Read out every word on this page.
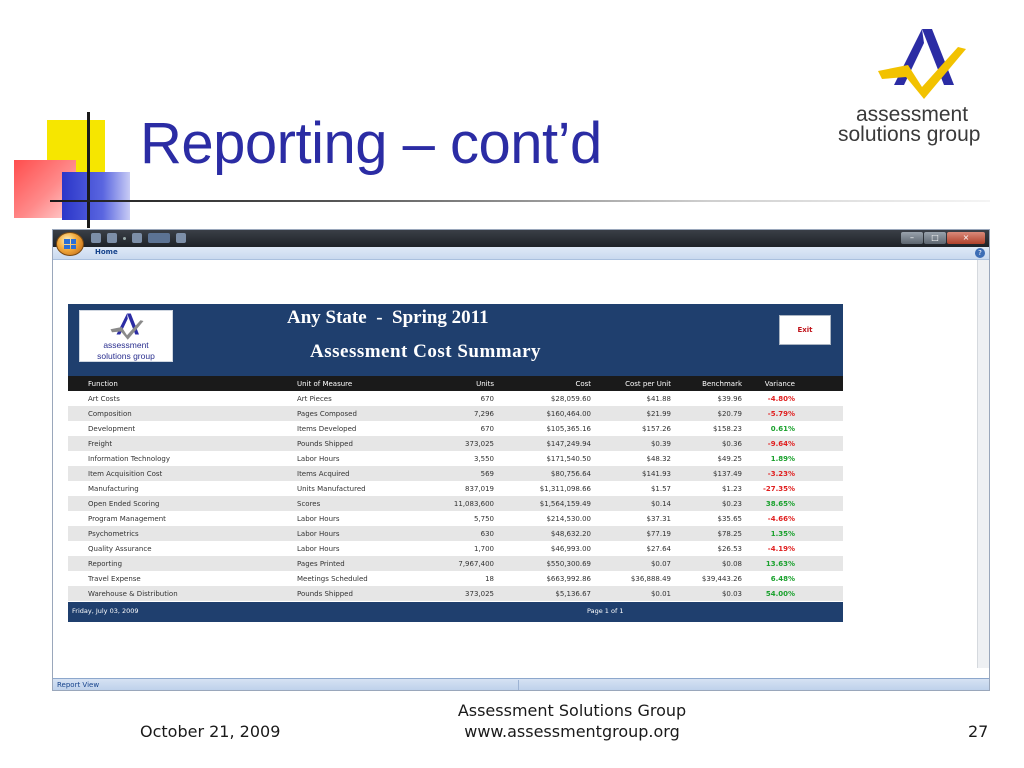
Reporting – cont’d	assessment
solutions group
–	□	×
Home	?
assessment
solutions group
Any State  -  Spring 2011
Assessment Cost Summary
Exit
Function	Unit of Measure	Units	Cost	Cost per Unit	Benchmark	Variance
Art Costs	Art Pieces	670	$28,059.60	$41.88	$39.96	-4.80%
Composition	Pages Composed	7,296	$160,464.00	$21.99	$20.79	-5.79%
Development	Items Developed	670	$105,365.16	$157.26	$158.23	0.61%
Freight	Pounds Shipped	373,025	$147,249.94	$0.39	$0.36	-9.64%
Information Technology	Labor Hours	3,550	$171,540.50	$48.32	$49.25	1.89%
Item Acquisition Cost	Items Acquired	569	$80,756.64	$141.93	$137.49	-3.23%
Manufacturing	Units Manufactured	837,019	$1,311,098.66	$1.57	$1.23	-27.35%
Open Ended Scoring	Scores	11,083,600	$1,564,159.49	$0.14	$0.23	38.65%
Program Management	Labor Hours	5,750	$214,530.00	$37.31	$35.65	-4.66%
Psychometrics	Labor Hours	630	$48,632.20	$77.19	$78.25	1.35%
Quality Assurance	Labor Hours	1,700	$46,993.00	$27.64	$26.53	-4.19%
Reporting	Pages Printed	7,967,400	$550,300.69	$0.07	$0.08	13.63%
Travel Expense	Meetings Scheduled	18	$663,992.86	$36,888.49	$39,443.26	6.48%
Warehouse & Distribution	Pounds Shipped	373,025	$5,136.67	$0.01	$0.03	54.00%
Friday, July 03, 2009	Page 1 of 1
Report View
October 21, 2009
Assessment Solutions Group
www.assessmentgroup.org	27
